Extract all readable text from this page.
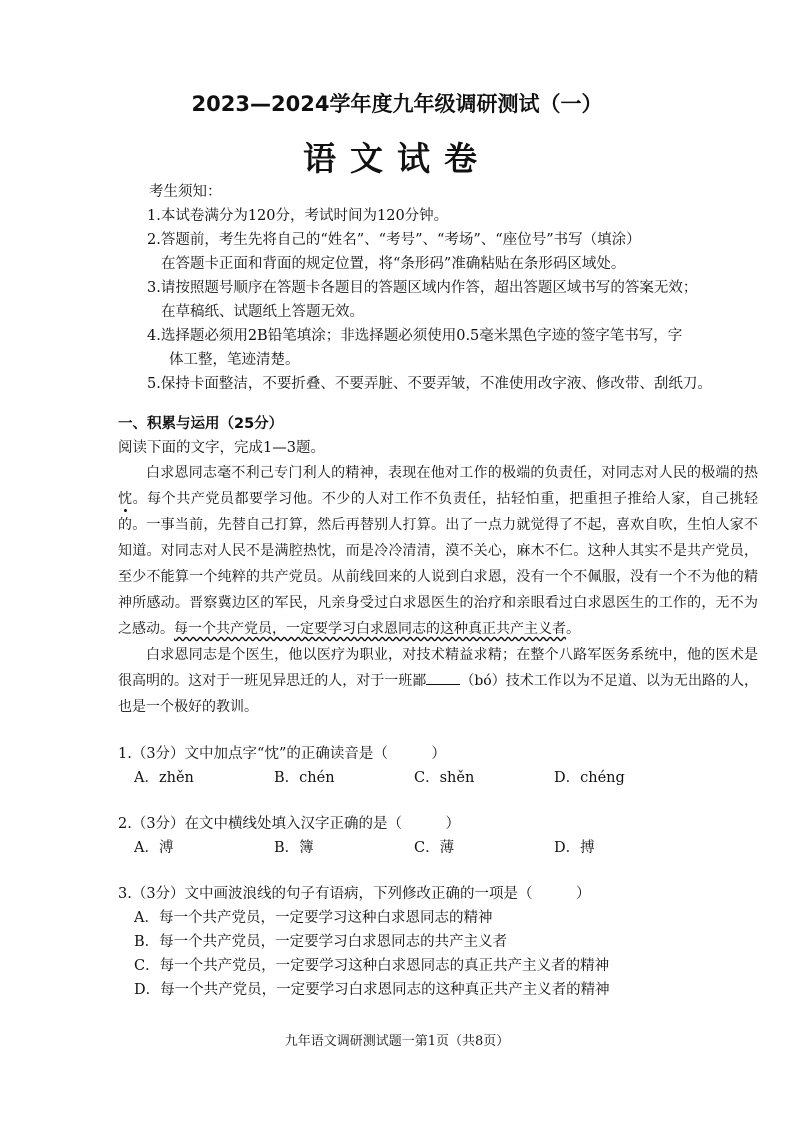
2023—2024学年度九年级调研测试（一）
语文试卷
考生须知：
1.本试卷满分为120分，考试时间为120分钟。
2.答题前，考生先将自己的“姓名”、“考号”、“考场”、“座位号”书写（填涂）
在答题卡正面和背面的规定位置，将“条形码”准确粘贴在条形码区域处。
3.请按照题号顺序在答题卡各题目的答题区域内作答，超出答题区域书写的答案无效；
在草稿纸、试题纸上答题无效。
4.选择题必须用2B铅笔填涂；非选择题必须使用0.5毫米黑色字迹的签字笔书写，字
体工整，笔迹清楚。
5.保持卡面整洁，不要折叠、不要弄脏、不要弄皱，不准使用改字液、修改带、刮纸刀。
一、积累与运用（25分）
阅读下面的文字，完成1—3题。

白求恩同志毫不利己专门利人的精神，表现在他对工作的极端的负责任，对同志对人民的极端的热忱。每个共产党员都要学习他。不少的人对工作不负责任，拈轻怕重，把重担子推给人家，自己挑轻的。一事当前，先替自己打算，然后再替别人打算。出了一点力就觉得了不起，喜欢自吹，生怕人家不知道。对同志对人民不是满腔热忱，而是冷冷清清，漠不关心，麻木不仁。这种人其实不是共产党员，至少不能算一个纯粹的共产党员。从前线回来的人说到白求恩，没有一个不佩服，没有一个不为他的精神所感动。晋察冀边区的军民，凡亲身受过白求恩医生的治疗和亲眼看过白求恩医生的工作的，无不为之感动。每一个共产党员，一定要学习白求恩同志的这种真正共产主义者。

白求恩同志是个医生，他以医疗为职业，对技术精益求精；在整个八路军医务系统中，他的医术是很高明的。这对于一班见异思迁的人，对于一班鄙 （bó）技术工作以为不足道、以为无出路的人，也是一个极好的教训。

1.（3分）文中加点字“忱”的正确读音是（　　　）
A．zhěn	B．chén	C．shěn	D．chéng
2.（3分）在文中横线处填入汉字正确的是（　　　）
A．溥	B．簿	C．薄	D．搏
3.（3分）文中画波浪线的句子有语病，下列修改正确的一项是（　　　）
A．每一个共产党员，一定要学习这种白求恩同志的精神
B．每一个共产党员，一定要学习白求恩同志的共产主义者
C．每一个共产党员，一定要学习这种白求恩同志的真正共产主义者的精神
D．每一个共产党员，一定要学习白求恩同志的这种真正共产主义者的精神
九年语文调研测试题一第1页（共8页）
